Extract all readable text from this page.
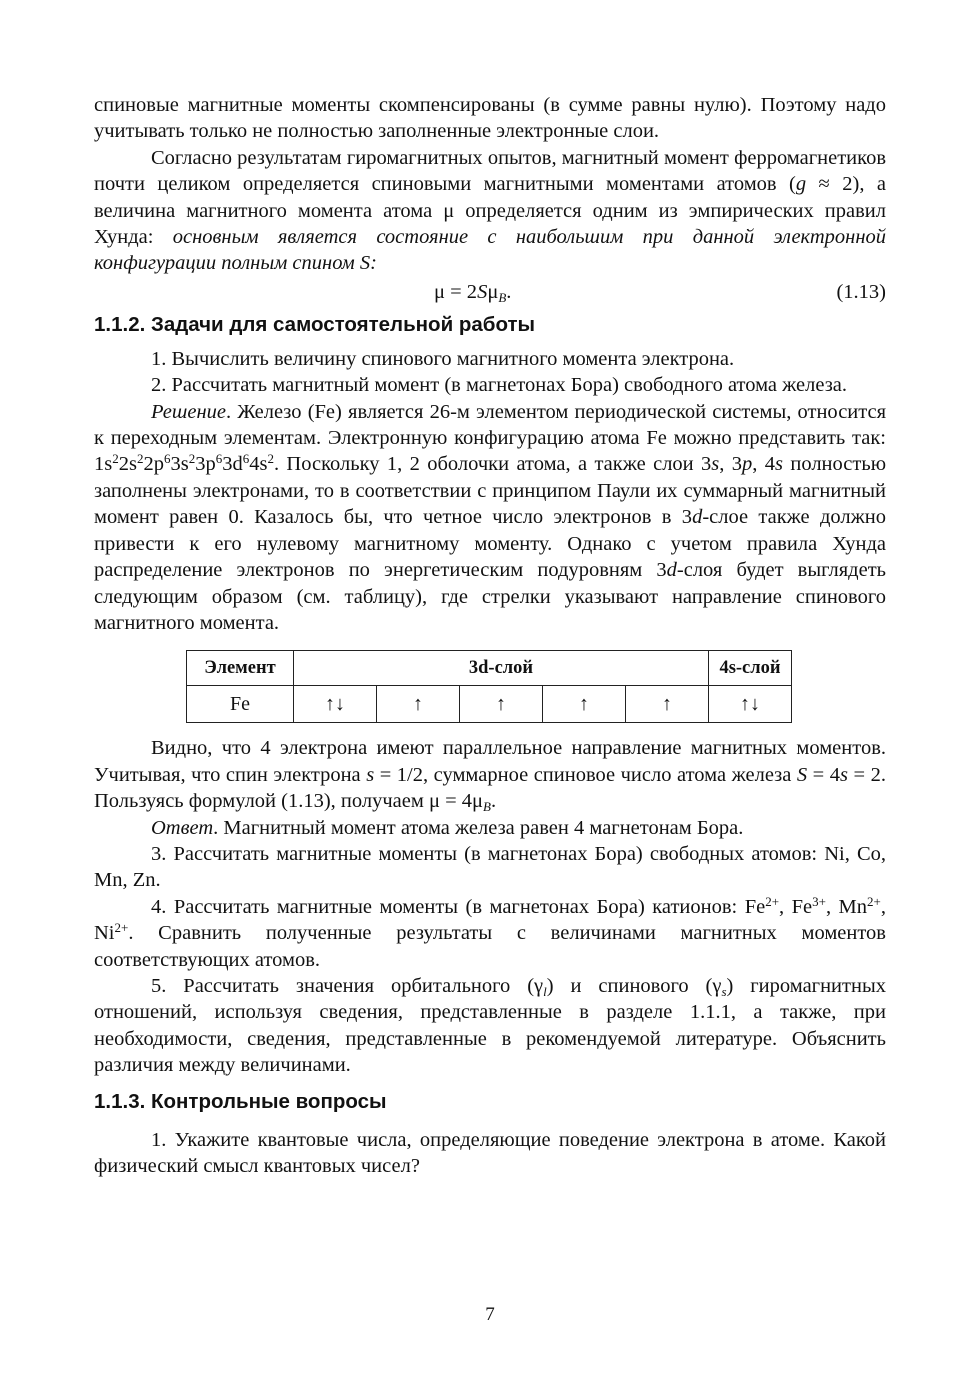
спиновые магнитные моменты скомпенсированы (в сумме равны нулю). Поэтому надо учитывать только не полностью заполненные электронные слои.

Согласно результатам гиромагнитных опытов, магнитный момент ферромагнетиков почти целиком определяется спиновыми магнитными моментами атомов (g ≈ 2), а величина магнитного момента атома μ определяется одним из эмпирических правил Хунда: основным является состояние с наибольшим при данной электронной конфигурации полным спином S:

$\mu = 2S\mu_B$.	(1.13)
1.1.2. Задачи для самостоятельной работы

1. Вычислить величину спинового магнитного момента электрона.

2. Рассчитать магнитный момент (в магнетонах Бора) свободного атома железа.

Решение. Железо (Fe) является 26-м элементом периодической системы, относится к переходным элементам. Электронную конфигурацию атома Fe можно представить так: $1s^22s^22p^63s^23p^63d^64s^2$. Поскольку 1, 2 оболочки атома, а также слои 3s, 3p, 4s полностью заполнены электронами, то в соответствии с принципом Паули их суммарный магнитный момент равен 0. Казалось бы, что четное число электронов в 3d-слое также должно привести к его нулевому магнитному моменту. Однако с учетом правила Хунда распределение электронов по энергетическим подуровням 3d-слоя будет выглядеть следующим образом (см. таблицу), где стрелки указывают направление спинового магнитного момента.

Элемент	3d-слой					4s-слой
Fe	↑↓	↑	↑	↑	↑	↑↓

Видно, что 4 электрона имеют параллельное направление магнитных моментов. Учитывая, что спин электрона s = 1/2, суммарное спиновое число атома железа S = 4s = 2. Пользуясь формулой (1.13), получаем $\mu = 4\mu_B$.

Ответ. Магнитный момент атома железа равен 4 магнетонам Бора.

3. Рассчитать магнитные моменты (в магнетонах Бора) свободных атомов: Ni, Co, Mn, Zn.

4. Рассчитать магнитные моменты (в магнетонах Бора) катионов: $Fe^{2+}$, $Fe^{3+}$, $Mn^{2+}$, $Ni^{2+}$. Сравнить полученные результаты с величинами магнитных моментов соответствующих атомов.

5. Рассчитать значения орбитального $(\gamma_l)$ и спинового $(\gamma_s)$ гиромагнитных отношений, используя сведения, представленные в разделе 1.1.1, а также, при необходимости, сведения, представленные в рекомендуемой литературе. Объяснить различия между величинами.

1.1.3. Контрольные вопросы

1. Укажите квантовые числа, определяющие поведение электрона в атоме. Какой физический смысл квантовых чисел?

7
